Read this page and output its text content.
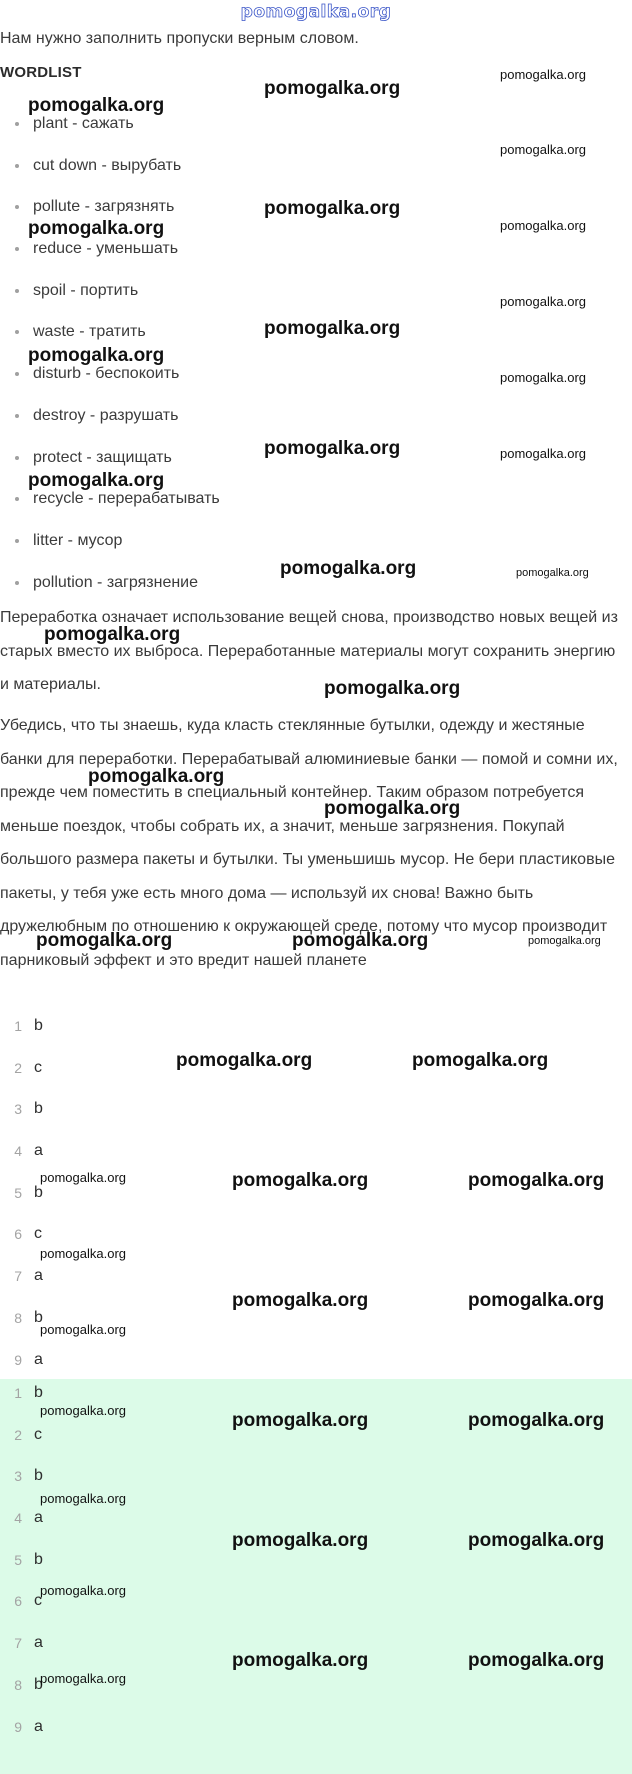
pomogalka.org
Нам нужно заполнить пропуски верным словом.
WORDLIST
plant - сажать
cut down - вырубать
pollute - загрязнять
reduce - уменьшать
spoil - портить
waste - тратить
disturb - беспокоить
destroy - разрушать
protect - защищать
recycle - перерабатывать
litter - мусор
pollution - загрязнение
Переработка означает использование вещей снова, производство новых вещей из старых вместо их выброса. Переработанные материалы могут сохранить энергию и материалы.
Убедись, что ты знаешь, куда класть стеклянные бутылки, одежду и жестяные банки для переработки. Перерабатывай алюминиевые банки — помой и сомни их, прежде чем поместить в специальный контейнер. Таким образом потребуется меньше поездок, чтобы собрать их, а значит, меньше загрязнения. Покупай большого размера пакеты и бутылки. Ты уменьшишь мусор. Не бери пластиковые пакеты, у тебя уже есть много дома — используй их снова! Важно быть дружелюбным по отношению к окружающей среде, потому что мусор производит парниковый эффект и это вредит нашей планете
1 b
2 c
3 b
4 a
5 b
6 c
7 a
8 b
9 a
1 b
2 c
3 b
4 a
5 b
6 c
7 a
8 b
9 a
pomogalka.org
pomogalka.org
pomogalka.org
pomogalka.org
pomogalka.org
pomogalka.org	pomogalka.org
pomogalka.org
pomogalka.org
pomogalka.org
pomogalka.org
pomogalka.org	pomogalka.org
pomogalka.org
pomogalka.org	pomogalka.org
pomogalka.org
pomogalka.org
pomogalka.org
pomogalka.org
pomogalka.org	pomogalka.org	pomogalka.org
pomogalka.org	pomogalka.org
pomogalka.org	pomogalka.org	pomogalka.org
pomogalka.org
pomogalka.org	pomogalka.org
pomogalka.org
pomogalka.org	pomogalka.org	pomogalka.org
pomogalka.org
pomogalka.org	pomogalka.org
pomogalka.org
pomogalka.org	pomogalka.org
pomogalka.org
